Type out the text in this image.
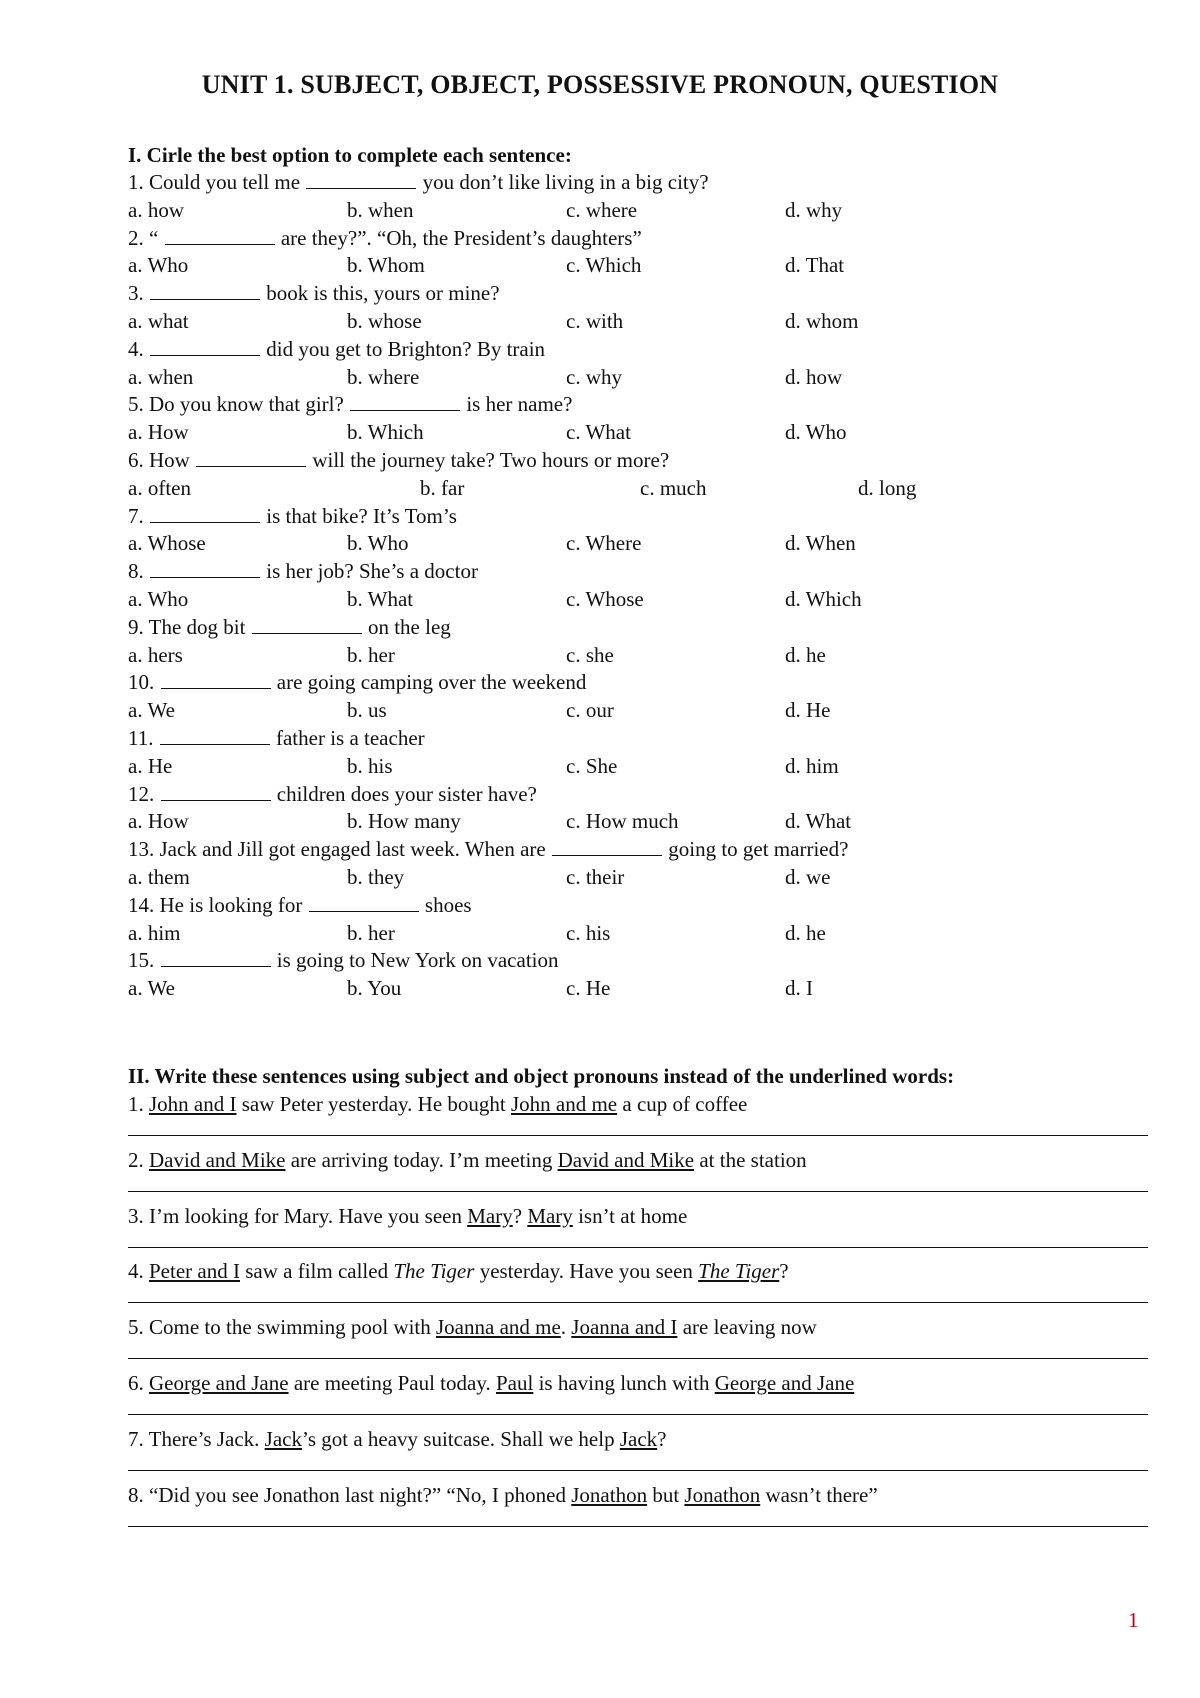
UNIT 1. SUBJECT, OBJECT, POSSESSIVE PRONOUN, QUESTION
I. Cirle the best option to complete each sentence:
1. Could you tell me	you don’t like living in a big city?
a. how	b. when	c. where	d. why
2. “	are they?”. “Oh, the President’s daughters”
a. Who	b. Whom	c. Which	d. That
3.	book is this, yours or mine?
a. what	b. whose	c. with	d. whom
4.	did you get to Brighton? By train
a. when	b. where	c. why	d. how
5. Do you know that girl?	is her name?
a. How	b. Which	c. What	d. Who
6. How	will the journey take? Two hours or more?
a. often	b. far	c. much	d. long
7.	is that bike? It’s Tom’s
a. Whose	b. Who	c. Where	d. When
8.	is her job? She’s a doctor
a. Who	b. What	c. Whose	d. Which
9. The dog bit	on the leg
a. hers	b. her	c. she	d. he
10.	are going camping over the weekend
a. We	b. us	c. our	d. He
11.	father is a teacher
a. He	b. his	c. She	d. him
12.	children does your sister have?
a. How	b. How many	c. How much	d. What
13. Jack and Jill got engaged last week. When are	going to get married?
a. them	b. they	c. their	d. we
14. He is looking for	shoes
a. him	b. her	c. his	d. he
15.	is going to New York on vacation
a. We	b. You	c. He	d. I
II. Write these sentences using subject and object pronouns instead of the underlined words:
1. John and I saw Peter yesterday. He bought John and me a cup of coffee
2. David and Mike are arriving today. I’m meeting David and Mike at the station
3. I’m looking for Mary. Have you seen Mary? Mary isn’t at home
4. Peter and I saw a film called The Tiger yesterday. Have you seen The Tiger?
5. Come to the swimming pool with Joanna and me. Joanna and I are leaving now
6. George and Jane are meeting Paul today. Paul is having lunch with George and Jane
7. There’s Jack. Jack’s got a heavy suitcase. Shall we help Jack?
8. “Did you see Jonathon last night?” “No, I phoned Jonathon but Jonathon wasn’t there”
1
